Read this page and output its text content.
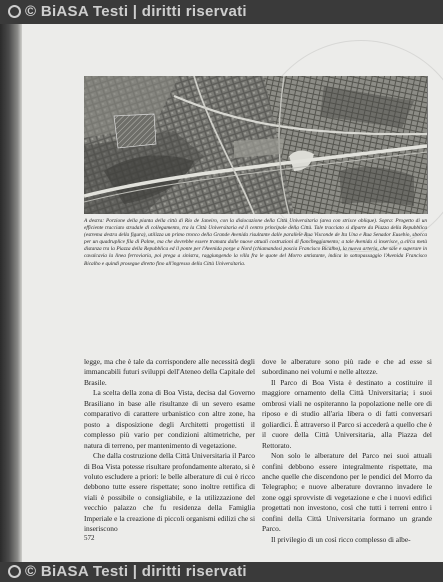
© BiASA Testi | diritti riservati

A destra: Porzione della pianta della città di Rio de Janeiro, con la dislocazione della Città Universitaria (area con strisce oblique). Sopra: Progetto di un efficiente tracciato stradale di collegamento, tra la Città Universitaria ed il centro principale della Città. Tale tracciato si diparte da Piazza della Repubblica (estrema destra della figura), utilizza un primo tronco della Grande Avenida risultante dalle parallele Rua Visconde de Ita Una e Rua Senador Eusebio, sbocca per un quadruplice fila di Palme, ma che dovrebbe essere tramata dalle nuove attuali costruzioni di fiancheggiamento; a tale Avenida si inserisce, a circa metà distanza tra la Piazza della Repubblica ed il ponte per l'Avenida porge a Nord (chiamandosi poscia Francisco Bicalho), la nuova arteria, che sale e superare in cavalcavia la linea ferroviaria, poi prega a sinistra, raggiungendo la villa fra le quote del Morro antistante, indica in sottopassaggio l'Avenida Francisco Bicalho e quindi prosegue diretto fino all'ingresso della Città Universitaria.

legge, ma che è tale da corrispondere alle necessità degli immancabili futuri sviluppi dell'Ateneo della Capitale del Brasile.

La scelta della zona di Boa Vista, decisa dal Governo Brasiliano in base alle risultanze di un severo esame comparativo di carattere urbanistico con altre zone, ha posto a disposizione degli Architetti progettisti il complesso più vario per condizioni altimetriche, per natura di terreno, per mantenimento di vegetazione.

Che dalla costruzione della Città Universitaria il Parco di Boa Vista potesse risultare profondamente alterato, si è voluto escludere a priori: le belle alberature di cui è ricco debbono tutte essere rispettate; sono inoltre rettifica di viali è possibile o consigliabile, e la utilizzazione del vecchio palazzo che fu residenza della Famiglia Imperiale e la creazione di piccoli organismi edilizi che si inseriscono

dove le alberature sono più rade e che ad esse si subordinano nei volumi e nelle altezze.

Il Parco di Boa Vista è destinato a costituire il maggiore ornamento della Città Universitaria; i suoi ombrosi viali ne ospiteranno la popolazione nelle ore di riposo e di studio all'aria libera o di fatti conversari goliardici. È attraverso il Parco si accederà a quello che è il cuore della Città Universitaria, alla Piazza del Rettorato.

Non solo le alberature del Parco nei suoi attuali confini debbono essere integralmente rispettate, ma anche quelle che discendono per le pendici del Morro da Telegrapho; e nuove alberature dovranno invadere le zone oggi sprovviste di vegetazione e che i nuovi edifici progettati non investono, così che tutti i terreni entro i confini della Città Universitaria formano un grande Parco.

Il privilegio di un così ricco complesso di albe-

572
© BiASA Testi | diritti riservati
